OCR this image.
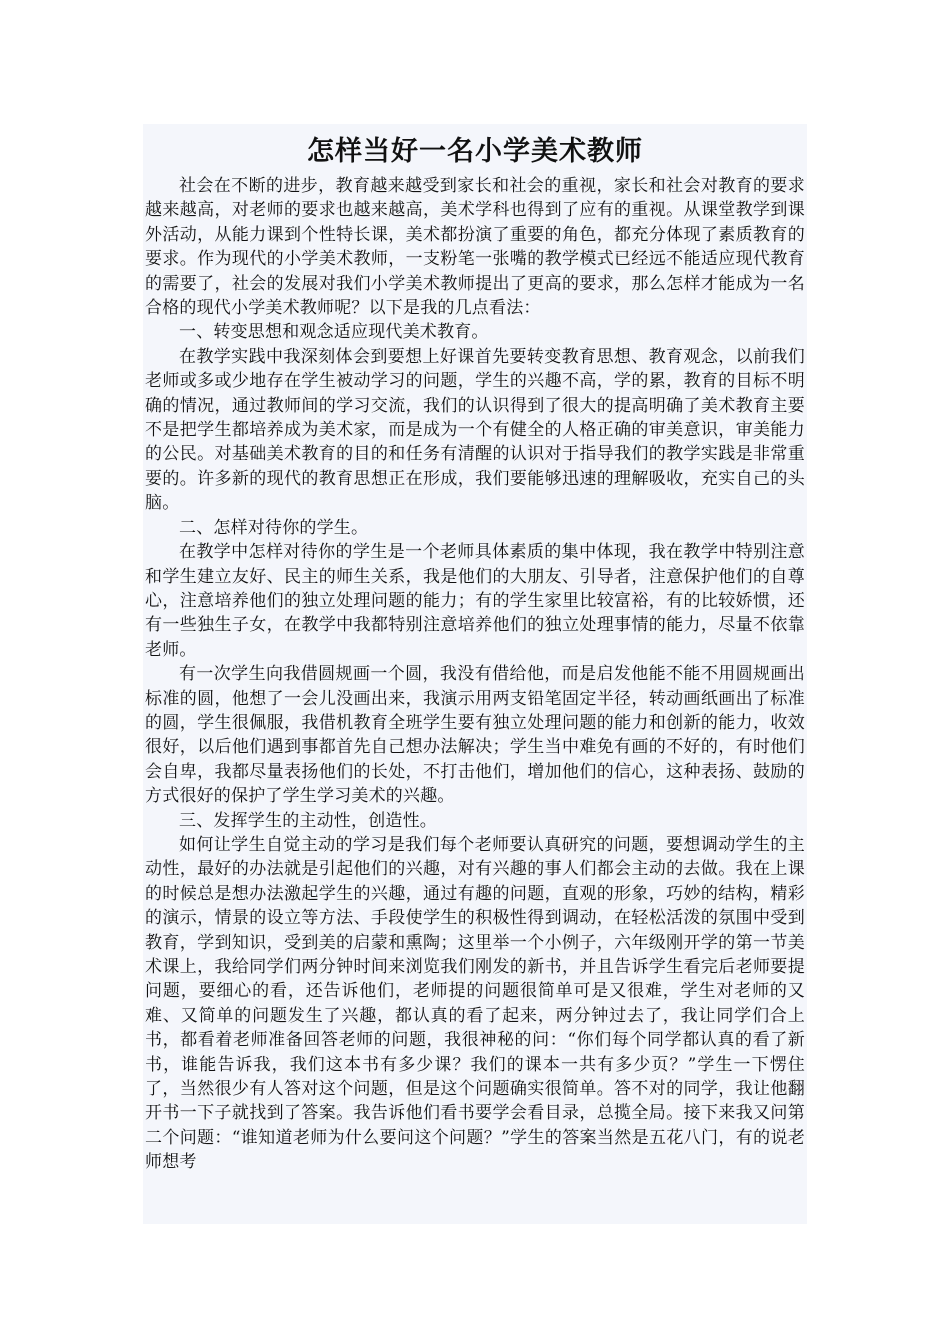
怎样当好一名小学美术教师

社会在不断的进步，教育越来越受到家长和社会的重视，家长和社会对教育的要求越来越高，对老师的要求也越来越高，美术学科也得到了应有的重视。从课堂教学到课外活动，从能力课到个性特长课，美术都扮演了重要的角色，都充分体现了素质教育的要求。作为现代的小学美术教师，一支粉笔一张嘴的教学模式已经远不能适应现代教育的需要了，社会的发展对我们小学美术教师提出了更高的要求，那么怎样才能成为一名合格的现代小学美术教师呢？以下是我的几点看法：

一、转变思想和观念适应现代美术教育。

在教学实践中我深刻体会到要想上好课首先要转变教育思想、教育观念，以前我们老师或多或少地存在学生被动学习的问题，学生的兴趣不高，学的累，教育的目标不明确的情况，通过教师间的学习交流，我们的认识得到了很大的提高明确了美术教育主要不是把学生都培养成为美术家，而是成为一个有健全的人格正确的审美意识，审美能力的公民。对基础美术教育的目的和任务有清醒的认识对于指导我们的教学实践是非常重要的。许多新的现代的教育思想正在形成，我们要能够迅速的理解吸收，充实自己的头脑。

二、怎样对待你的学生。

在教学中怎样对待你的学生是一个老师具体素质的集中体现，我在教学中特别注意和学生建立友好、民主的师生关系，我是他们的大朋友、引导者，注意保护他们的自尊心，注意培养他们的独立处理问题的能力；有的学生家里比较富裕，有的比较娇惯，还有一些独生子女，在教学中我都特别注意培养他们的独立处理事情的能力，尽量不依靠老师。

有一次学生向我借圆规画一个圆，我没有借给他，而是启发他能不能不用圆规画出标准的圆，他想了一会儿没画出来，我演示用两支铅笔固定半径，转动画纸画出了标准的圆，学生很佩服，我借机教育全班学生要有独立处理问题的能力和创新的能力，收效很好，以后他们遇到事都首先自己想办法解决；学生当中难免有画的不好的，有时他们会自卑，我都尽量表扬他们的长处，不打击他们，增加他们的信心，这种表扬、鼓励的方式很好的保护了学生学习美术的兴趣。

三、发挥学生的主动性，创造性。

如何让学生自觉主动的学习是我们每个老师要认真研究的问题，要想调动学生的主动性，最好的办法就是引起他们的兴趣，对有兴趣的事人们都会主动的去做。我在上课的时候总是想办法激起学生的兴趣，通过有趣的问题，直观的形象，巧妙的结构，精彩的演示，情景的设立等方法、手段使学生的积极性得到调动，在轻松活泼的氛围中受到教育，学到知识，受到美的启蒙和熏陶；这里举一个小例子，六年级刚开学的第一节美术课上，我给同学们两分钟时间来浏览我们刚发的新书，并且告诉学生看完后老师要提问题，要细心的看，还告诉他们，老师提的问题很简单可是又很难，学生对老师的又难、又简单的问题发生了兴趣，都认真的看了起来，两分钟过去了，我让同学们合上书，都看着老师准备回答老师的问题，我很神秘的问：“你们每个同学都认真的看了新书，谁能告诉我，我们这本书有多少课？我们的课本一共有多少页？”学生一下愣住了，当然很少有人答对这个问题，但是这个问题确实很简单。答不对的同学，我让他翻开书一下子就找到了答案。我告诉他们看书要学会看目录，总揽全局。接下来我又问第二个问题：“谁知道老师为什么要问这个问题？”学生的答案当然是五花八门，有的说老师想考
